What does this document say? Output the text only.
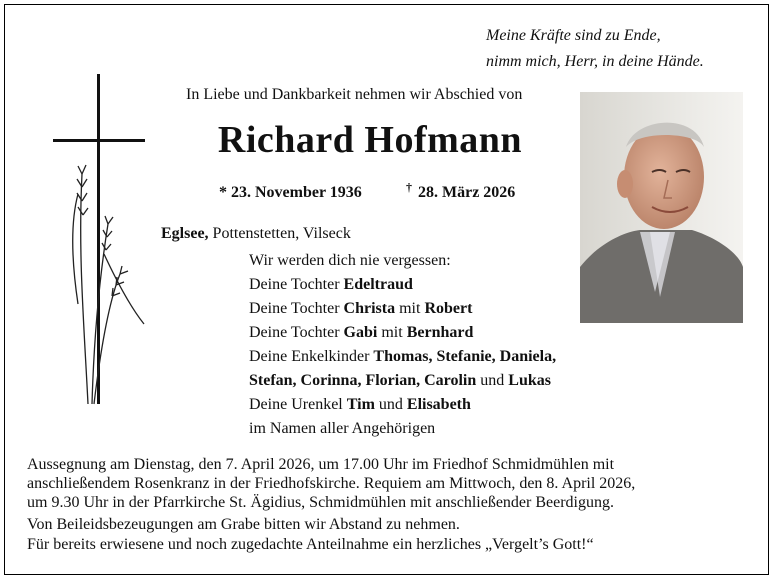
Meine Kräfte sind zu Ende,
nimm mich, Herr, in deine Hände.
In Liebe und Dankbarkeit nehmen wir Abschied von
Richard Hofmann
* 23. November 1936	† 28. März 2026
Eglsee, Pottenstetten, Vilseck
Wir werden dich nie vergessen:
Deine Tochter Edeltraud
Deine Tochter Christa mit Robert
Deine Tochter Gabi mit Bernhard
Deine Enkelkinder Thomas, Stefanie, Daniela,
Stefan, Corinna, Florian, Carolin und Lukas
Deine Urenkel Tim und Elisabeth
im Namen aller Angehörigen
Aussegnung am Dienstag, den 7. April 2026, um 17.00 Uhr im Friedhof Schmidmühlen mit
anschließendem Rosenkranz in der Friedhofskirche. Requiem am Mittwoch, den 8. April 2026,
um 9.30 Uhr in der Pfarrkirche St. Ägidius, Schmidmühlen mit anschließender Beerdigung.
Von Beileidsbezeugungen am Grabe bitten wir Abstand zu nehmen.
Für bereits erwiesene und noch zugedachte Anteilnahme ein herzliches „Vergelt’s Gott!“
